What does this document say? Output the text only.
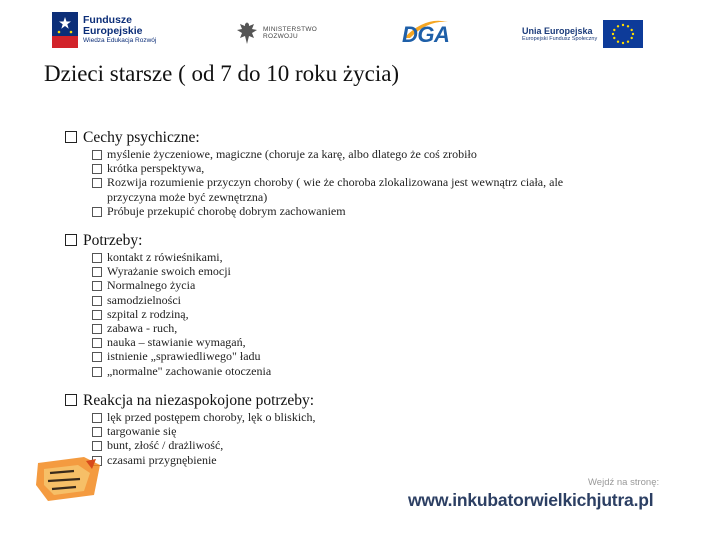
Fundusze
Europejskie
Wiedza Edukacja Rozwój
MINISTERSTWO
ROZWOJU	DGA	Unia Europejska
Europejski Fundusz Społeczny
Dzieci starsze ( od 7 do 10 roku życia)
Cechy psychiczne:
myślenie życzeniowe, magiczne (choruje za karę, albo dlatego że coś zrobiło
krótka perspektywa,
Rozwija rozumienie przyczyn choroby ( wie że choroba zlokalizowana jest wewnątrz ciała, ale
przyczyna może być zewnętrzna)
Próbuje przekupić chorobę dobrym zachowaniem
Potrzeby:
kontakt z rówieśnikami,
Wyrażanie swoich emocji
Normalnego życia
samodzielności
szpital z rodziną,
zabawa - ruch,
nauka – stawianie wymagań,
istnienie „sprawiedliwego" ładu
„normalne" zachowanie otoczenia
Reakcja na niezaspokojone potrzeby:
lęk przed postępem choroby, lęk o bliskich,
targowanie się
bunt, złość / drażliwość,
czasami przygnębienie
Wejdź na stronę:
www.inkubatorwielkichjutra.pl
